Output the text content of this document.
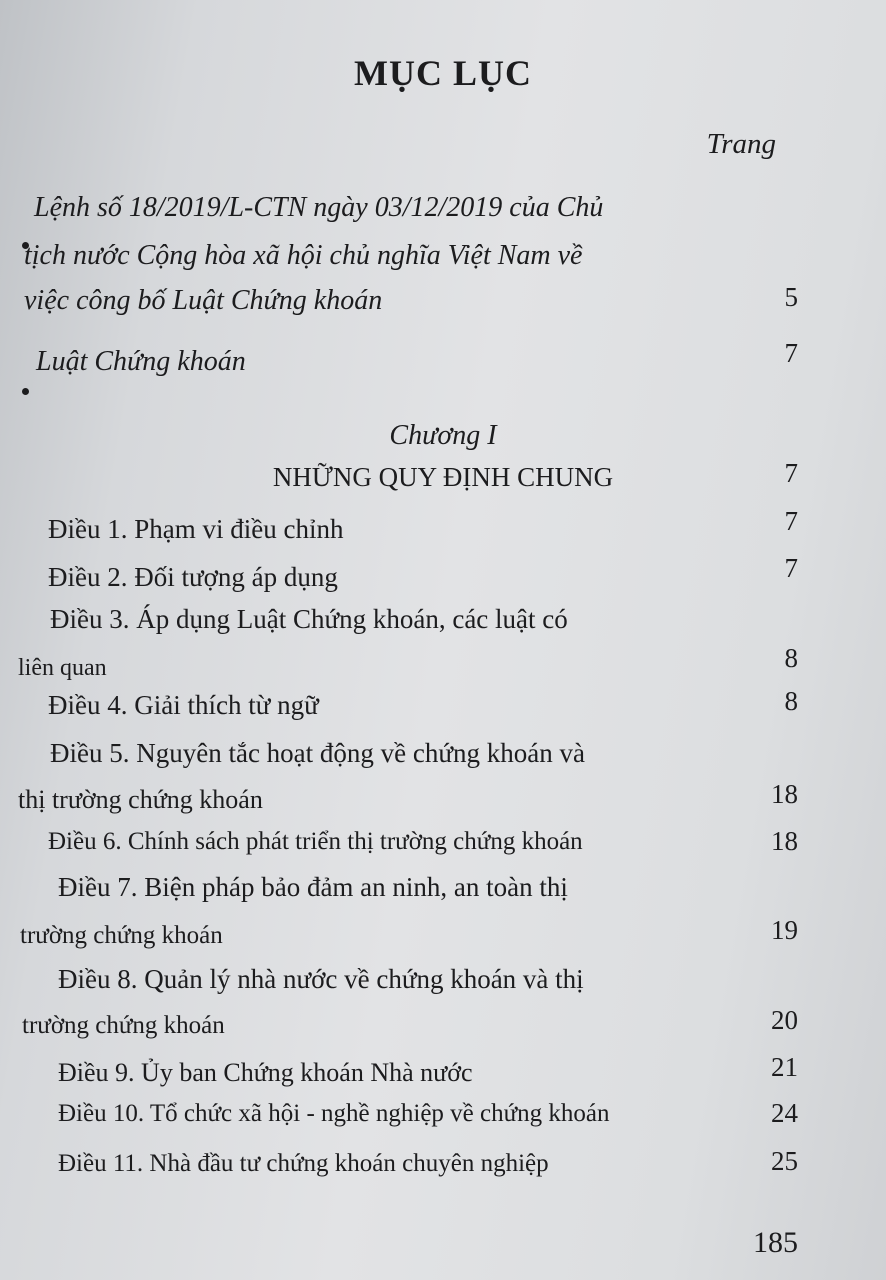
MỤC LỤC
Trang
Lệnh số 18/2019/L-CTN ngày 03/12/2019 của Chủ
tịch nước Cộng hòa xã hội chủ nghĩa Việt Nam về
việc công bố Luật Chứng khoán	5
Luật Chứng khoán	7
Chương I
NHỮNG QUY ĐỊNH CHUNG	7
Điều 1. Phạm vi điều chỉnh	7
Điều 2. Đối tượng áp dụng	7
Điều 3. Áp dụng Luật Chứng khoán, các luật có
liên quan	8
Điều 4. Giải thích từ ngữ	8
Điều 5. Nguyên tắc hoạt động về chứng khoán và
thị trường chứng khoán	18
Điều 6. Chính sách phát triển thị trường chứng khoán	18
Điều 7. Biện pháp bảo đảm an ninh, an toàn thị
trường chứng khoán	19
Điều 8. Quản lý nhà nước về chứng khoán và thị
trường chứng khoán	20
Điều 9. Ủy ban Chứng khoán Nhà nước	21
Điều 10. Tổ chức xã hội - nghề nghiệp về chứng khoán	24
Điều 11. Nhà đầu tư chứng khoán chuyên nghiệp	25
185
